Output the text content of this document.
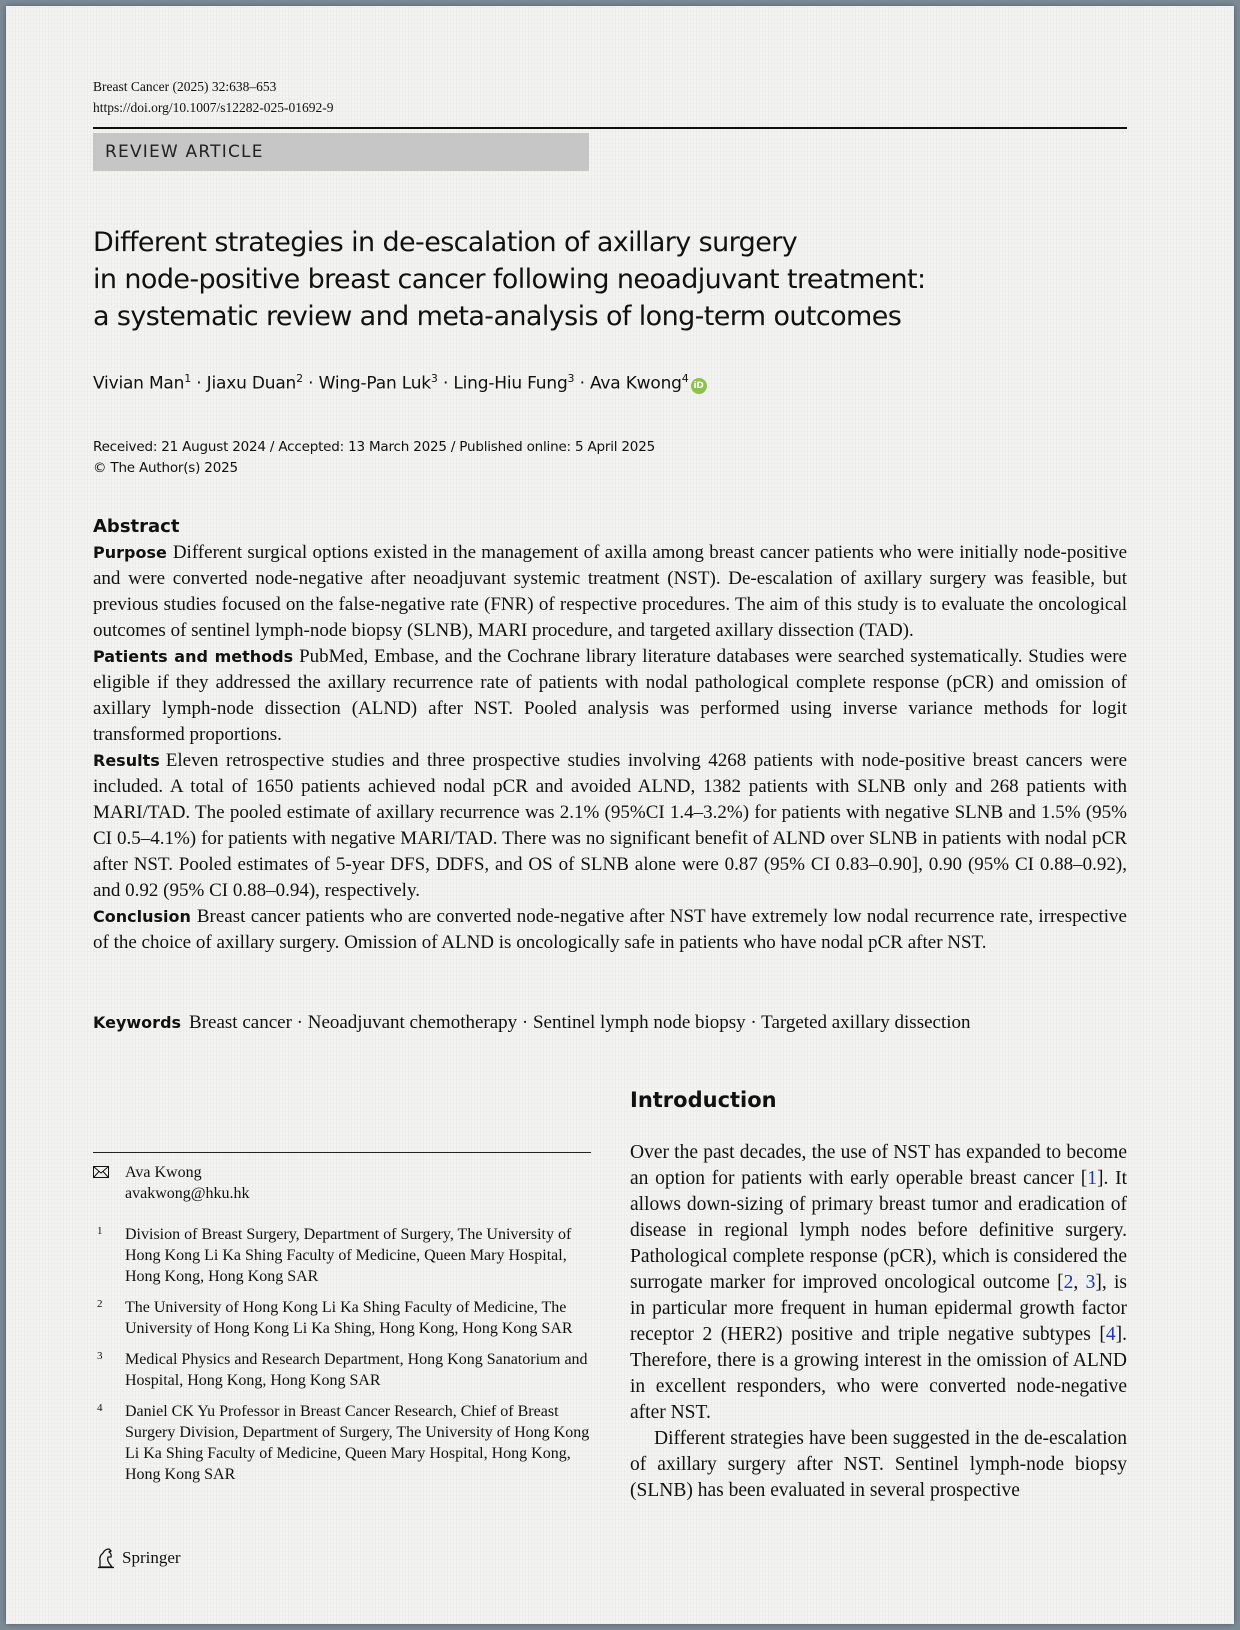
Breast Cancer (2025) 32:638–653
https://doi.org/10.1007/s12282-025-01692-9
REVIEW ARTICLE
Different strategies in de-escalation of axillary surgery
in node-positive breast cancer following neoadjuvant treatment:
a systematic review and meta-analysis of long-term outcomes
Vivian Man$^1$ · Jiaxu Duan$^2$ · Wing-Pan Luk$^3$ · Ling-Hiu Fung$^3$ · Ava Kwong$^4$iD
Received: 21 August 2024 / Accepted: 13 March 2025 / Published online: 5 April 2025
© The Author(s) 2025
Abstract

Purpose Different surgical options existed in the management of axilla among breast cancer patients who were initially node-positive and were converted node-negative after neoadjuvant systemic treatment (NST). De-escalation of axillary surgery was feasible, but previous studies focused on the false-negative rate (FNR) of respective procedures. The aim of this study is to evaluate the oncological outcomes of sentinel lymph-node biopsy (SLNB), MARI procedure, and targeted axillary dissection (TAD).

Patients and methods PubMed, Embase, and the Cochrane library literature databases were searched systematically. Studies were eligible if they addressed the axillary recurrence rate of patients with nodal pathological complete response (pCR) and omission of axillary lymph-node dissection (ALND) after NST. Pooled analysis was performed using inverse variance methods for logit transformed proportions.

Results Eleven retrospective studies and three prospective studies involving 4268 patients with node-positive breast cancers were included. A total of 1650 patients achieved nodal pCR and avoided ALND, 1382 patients with SLNB only and 268 patients with MARI/TAD. The pooled estimate of axillary recurrence was 2.1% (95%CI 1.4–3.2%) for patients with negative SLNB and 1.5% (95% CI 0.5–4.1%) for patients with negative MARI/TAD. There was no significant benefit of ALND over SLNB in patients with nodal pCR after NST. Pooled estimates of 5-year DFS, DDFS, and OS of SLNB alone were 0.87 (95% CI 0.83–0.90], 0.90 (95% CI 0.88–0.92), and 0.92 (95% CI 0.88–0.94), respectively.

Conclusion Breast cancer patients who are converted node-negative after NST have extremely low nodal recurrence rate, irrespective of the choice of axillary surgery. Omission of ALND is oncologically safe in patients who have nodal pCR after NST.

Keywords Breast cancer · Neoadjuvant chemotherapy · Sentinel lymph node biopsy · Targeted axillary dissection
Introduction

Over the past decades, the use of NST has expanded to become an option for patients with early operable breast cancer [1]. It allows down-sizing of primary breast tumor and eradication of disease in regional lymph nodes before definitive surgery. Pathological complete response (pCR), which is considered the surrogate marker for improved oncological outcome [2, 3], is in particular more frequent in human epidermal growth factor receptor 2 (HER2) positive and triple negative subtypes [4]. Therefore, there is a growing interest in the omission of ALND in excellent responders, who were converted node-negative after NST.

Different strategies have been suggested in the de-escalation of axillary surgery after NST. Sentinel lymph-node biopsy (SLNB) has been evaluated in several prospective

Ava Kwong
avakwong@hku.hk
1 Division of Breast Surgery, Department of Surgery, The University of Hong Kong Li Ka Shing Faculty of Medicine, Queen Mary Hospital, Hong Kong, Hong Kong SAR
2 The University of Hong Kong Li Ka Shing Faculty of Medicine, The University of Hong Kong Li Ka Shing, Hong Kong, Hong Kong SAR
3 Medical Physics and Research Department, Hong Kong Sanatorium and Hospital, Hong Kong, Hong Kong SAR
4 Daniel CK Yu Professor in Breast Cancer Research, Chief of Breast Surgery Division, Department of Surgery, The University of Hong Kong Li Ka Shing Faculty of Medicine, Queen Mary Hospital, Hong Kong, Hong Kong SAR
Springer
